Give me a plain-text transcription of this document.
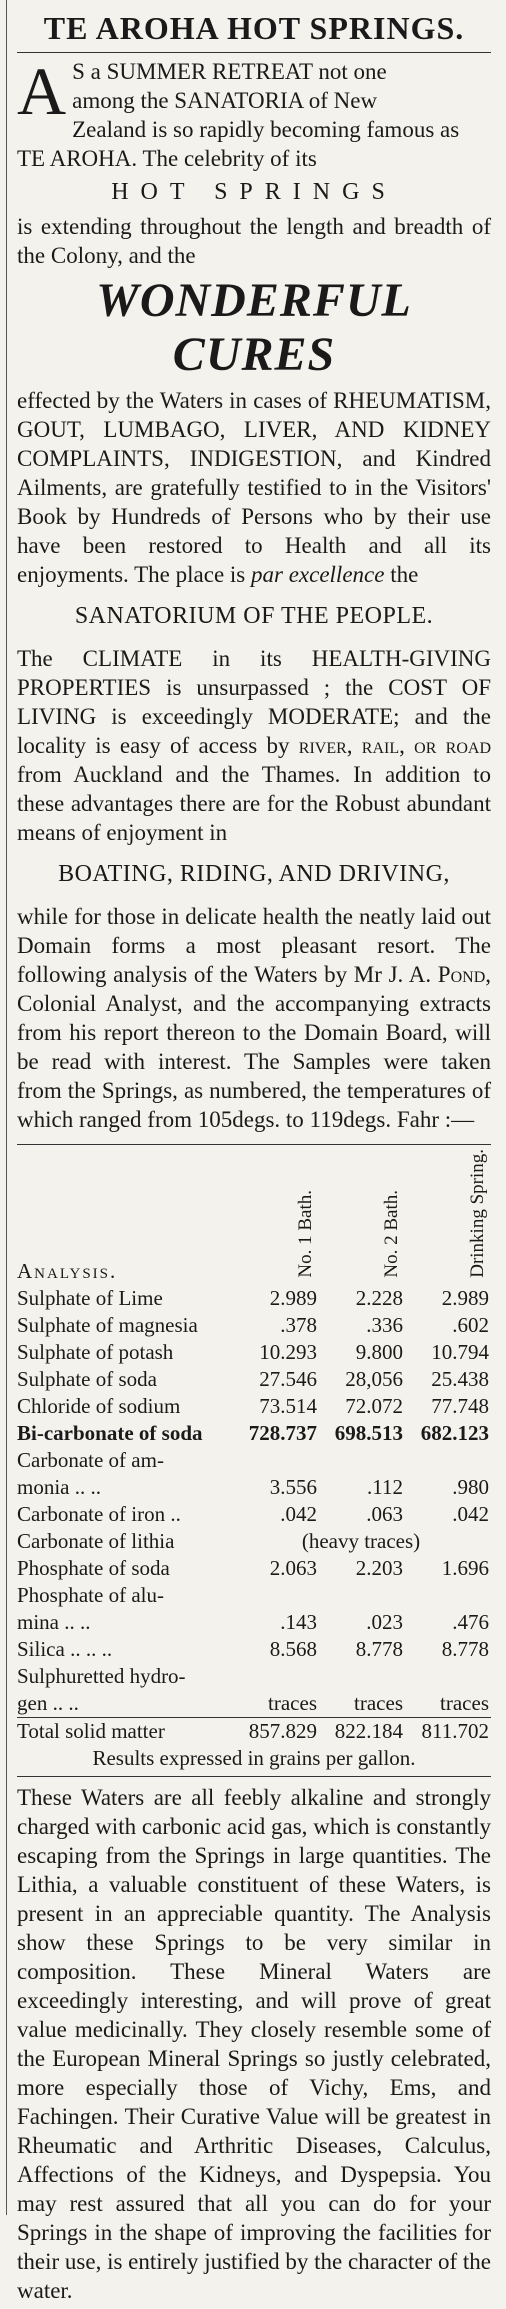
TE AROHA HOT SPRINGS.
A S a SUMMER RETREAT not one

among the SANATORIA of New

Zealand is so rapidly becoming famous as

TE AROHA. The celebrity of its

HOT SPRINGS

is extending throughout the length and breadth of the Colony, and the

WONDERFUL CURES

effected by the Waters in cases of RHEUMATISM, GOUT, LUMBAGO, LIVER, AND KIDNEY COMPLAINTS, INDIGESTION, and Kindred Ailments, are gratefully testified to in the Visitors' Book by Hundreds of Persons who by their use have been restored to Health and all its enjoyments. The place is par excellence the

SANATORIUM OF THE PEOPLE.

The CLIMATE in its HEALTH-GIVING PROPERTIES is unsurpassed ; the COST OF LIVING is exceedingly MODERATE; and the locality is easy of access by river, rail, or road from Auckland and the Thames. In addition to these advantages there are for the Robust abundant means of enjoyment in

BOATING, RIDING, AND DRIVING,

while for those in delicate health the neatly laid out Domain forms a most pleasant resort. The following analysis of the Waters by Mr J. A. Pond, Colonial Analyst, and the accompanying extracts from his report thereon to the Domain Board, will be read with interest. The Samples were taken from the Springs, as numbered, the temperatures of which ranged from 105degs. to 119degs. Fahr :—

Analysis.	No. 1 Bath.	No. 2 Bath.	Drinking Spring.
Sulphate of Lime	2.989	2.228	2.989
Sulphate of magnesia	.378	.336	.602
Sulphate of potash	10.293	9.800	10.794
Sulphate of soda	27.546	28,056	25.438
Chloride of sodium	73.514	72.072	77.748
Bi-carbonate of soda	728.737	698.513	682.123
Carbonate of am-			
monia .. ..	3.556	.112	.980
Carbonate of iron ..	.042	.063	.042
Carbonate of lithia	(heavy traces)		
Phosphate of soda	2.063	2.203	1.696
Phosphate of alu-			
mina .. ..	.143	.023	.476
Silica .. .. ..	8.568	8.778	8.778
Sulphuretted hydro-			
gen .. ..	traces	traces	traces
Total solid matter	857.829	822.184	811.702
Results expressed in grains per gallon.

These Waters are all feebly alkaline and strongly charged with carbonic acid gas, which is constantly escaping from the Springs in large quantities. The Lithia, a valuable constituent of these Waters, is present in an appreciable quantity. The Analysis show these Springs to be very similar in composition. These Mineral Waters are exceedingly interesting, and will prove of great value medicinally. They closely resemble some of the European Mineral Springs so justly celebrated, more especially those of Vichy, Ems, and Fachingen. Their Curative Value will be greatest in Rheumatic and Arthritic Diseases, Calculus, Affections of the Kidneys, and Dyspepsia. You may rest assured that all you can do for your Springs in the shape of improving the facilities for their use, is entirely justified by the character of the water.
